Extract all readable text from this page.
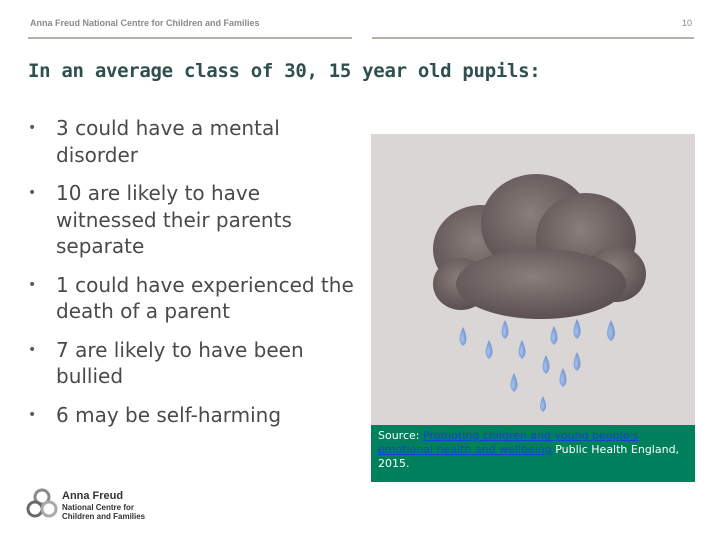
Anna Freud National Centre for Children and Families	10
In an average class of 30, 15 year old pupils:
• 3 could have a mental disorder
• 10 are likely to have witnessed their parents separate
• 1 could have experienced the death of a parent
• 7 are likely to have been bullied
• 6 may be self-harming
Source: Promoting children and young people's emotional health and wellbeing Public Health England, 2015.
Anna Freud
National Centre for
Children and Families
